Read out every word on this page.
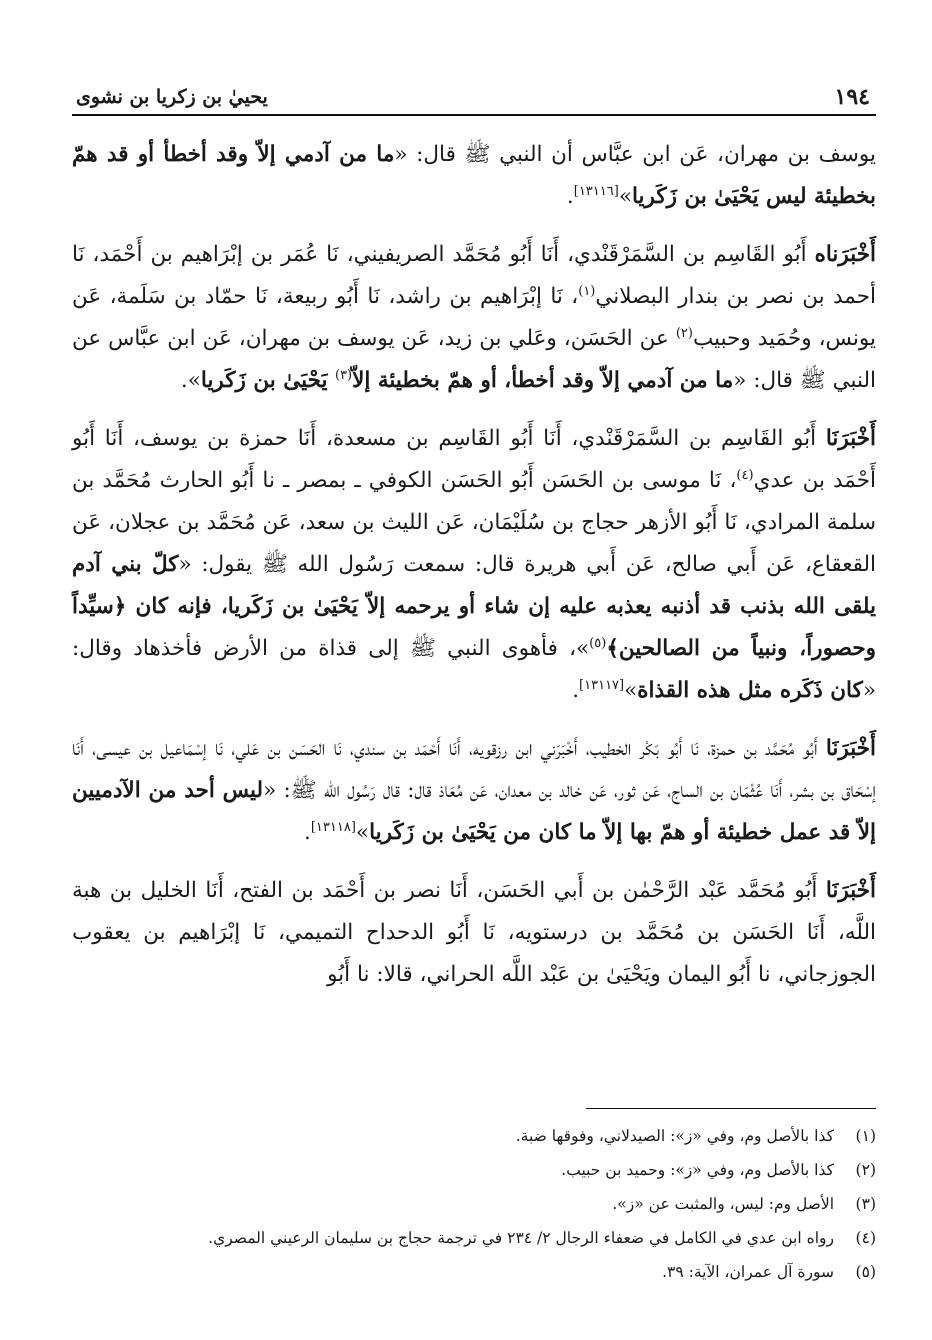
١٩٤
يحييٰ بن زكريا بن نشوى

يوسف بن مهران، عَن ابن عبَّاس أن النبي ﷺ قال: «ما من آدمي إلاّ وقد أخطأ أو قد همّ بخطيئة ليس يَحْيَىٰ بن زَكَريا»[١٣١١٦].

أَخْبَرَناه أَبُو القَاسِم بن السَّمَرْقَنْدي، أَنَا أَبُو مُحَمَّد الصريفيني، نَا عُمَر بن إبْرَاهيم بن أَحْمَد، نَا أحمد بن نصر بن بندار البصلاني$^{(١)}$، نَا إبْرَاهيم بن راشد، نَا أَبُو ربيعة، نَا حمّاد بن سَلَمة، عَن يونس، وحُمَيد وحبيب$^{(٢)}$ عن الحَسَن، وعَلي بن زيد، عَن يوسف بن مهران، عَن ابن عبَّاس عن النبي ﷺ قال: «ما من آدمي إلاّ وقد أخطأ، أو همّ بخطيئة إلاّ$^{(٣)}$ يَحْيَىٰ بن زَكَريا».

أَخْبَرَنَا أَبُو القَاسِم بن السَّمَرْقَنْدي، أَنَا أَبُو القَاسِم بن مسعدة، أَنَا حمزة بن يوسف، أَنَا أَبُو أَحْمَد بن عدي$^{(٤)}$، نَا موسى بن الحَسَن أَبُو الحَسَن الكوفي ـ بمصر ـ نا أَبُو الحارث مُحَمَّد بن سلمة المرادي، نَا أَبُو الأزهر حجاج بن سُلَيْمَان، عَن الليث بن سعد، عَن مُحَمَّد بن عجلان، عَن القعقاع، عَن أَبي صالح، عَن أَبي هريرة قال: سمعت رَسُول الله ﷺ يقول: «كلّ بني آدم يلقى الله بذنب قد أذنبه يعذبه عليه إن شاء أو يرحمه إلاّ يَحْيَىٰ بن زَكَريا، فإنه كان ﴿سيِّداً وحصوراً، ونبياً من الصالحين﴾$^{(٥)}$»، فأهوى النبي ﷺ إلى قذاة من الأرض فأخذهاد وقال: «كان ذَكَره مثل هذه القذاة»[١٣١١٧].

أَخْبَرَنَا أَبُو مُحَمَّد بن حمزة، نَا أَبُو بَكْر الخطيب، أَخْبَرَني ابن رزقويه، أَنَا أَحْمَد بن سندي، نَا الحَسَن بن عَلي، نَا إسْمَاعيل بن عيسى، أَنَا إسْحَاق بن بشر، أَنَا عُثْمَان بن الساج، عَن ثور، عَن خالد بن معدان، عَن مُعَاذ قال: قال رَسُول الله ﷺ: «ليس أحد من الآدميين إلاّ قد عمل خطيئة أو همّ بها إلاّ ما كان من يَحْيَىٰ بن زَكَريا»[١٣١١٨].

أَخْبَرَنَا أَبُو مُحَمَّد عَبْد الرَّحْمٰن بن أَبي الحَسَن، أَنَا نصر بن أَحْمَد بن الفتح، أَنَا الخليل بن هبة اللَّه، أَنَا الحَسَن بن مُحَمَّد بن درستويه، نَا أَبُو الدحداح التميمي، نَا إبْرَاهيم بن يعقوب الجوزجاني، نا أَبُو اليمان ويَحْيَىٰ بن عَبْد اللَّه الحراني، قالا: نا أَبُو

(١)كذا بالأصل وم، وفي «ز»: الصيدلاني، وفوقها ضبة.
(٢)كذا بالأصل وم، وفي «ز»: وحميد بن حبيب.
(٣)الأصل وم: ليس، والمثبت عن «ز».
(٤)رواه ابن عدي في الكامل في ضعفاء الرجال ٢/ ٢٣٤ في ترجمة حجاج بن سليمان الرعيني المصري.
(٥)سورة آل عمران، الآية: ٣٩.
